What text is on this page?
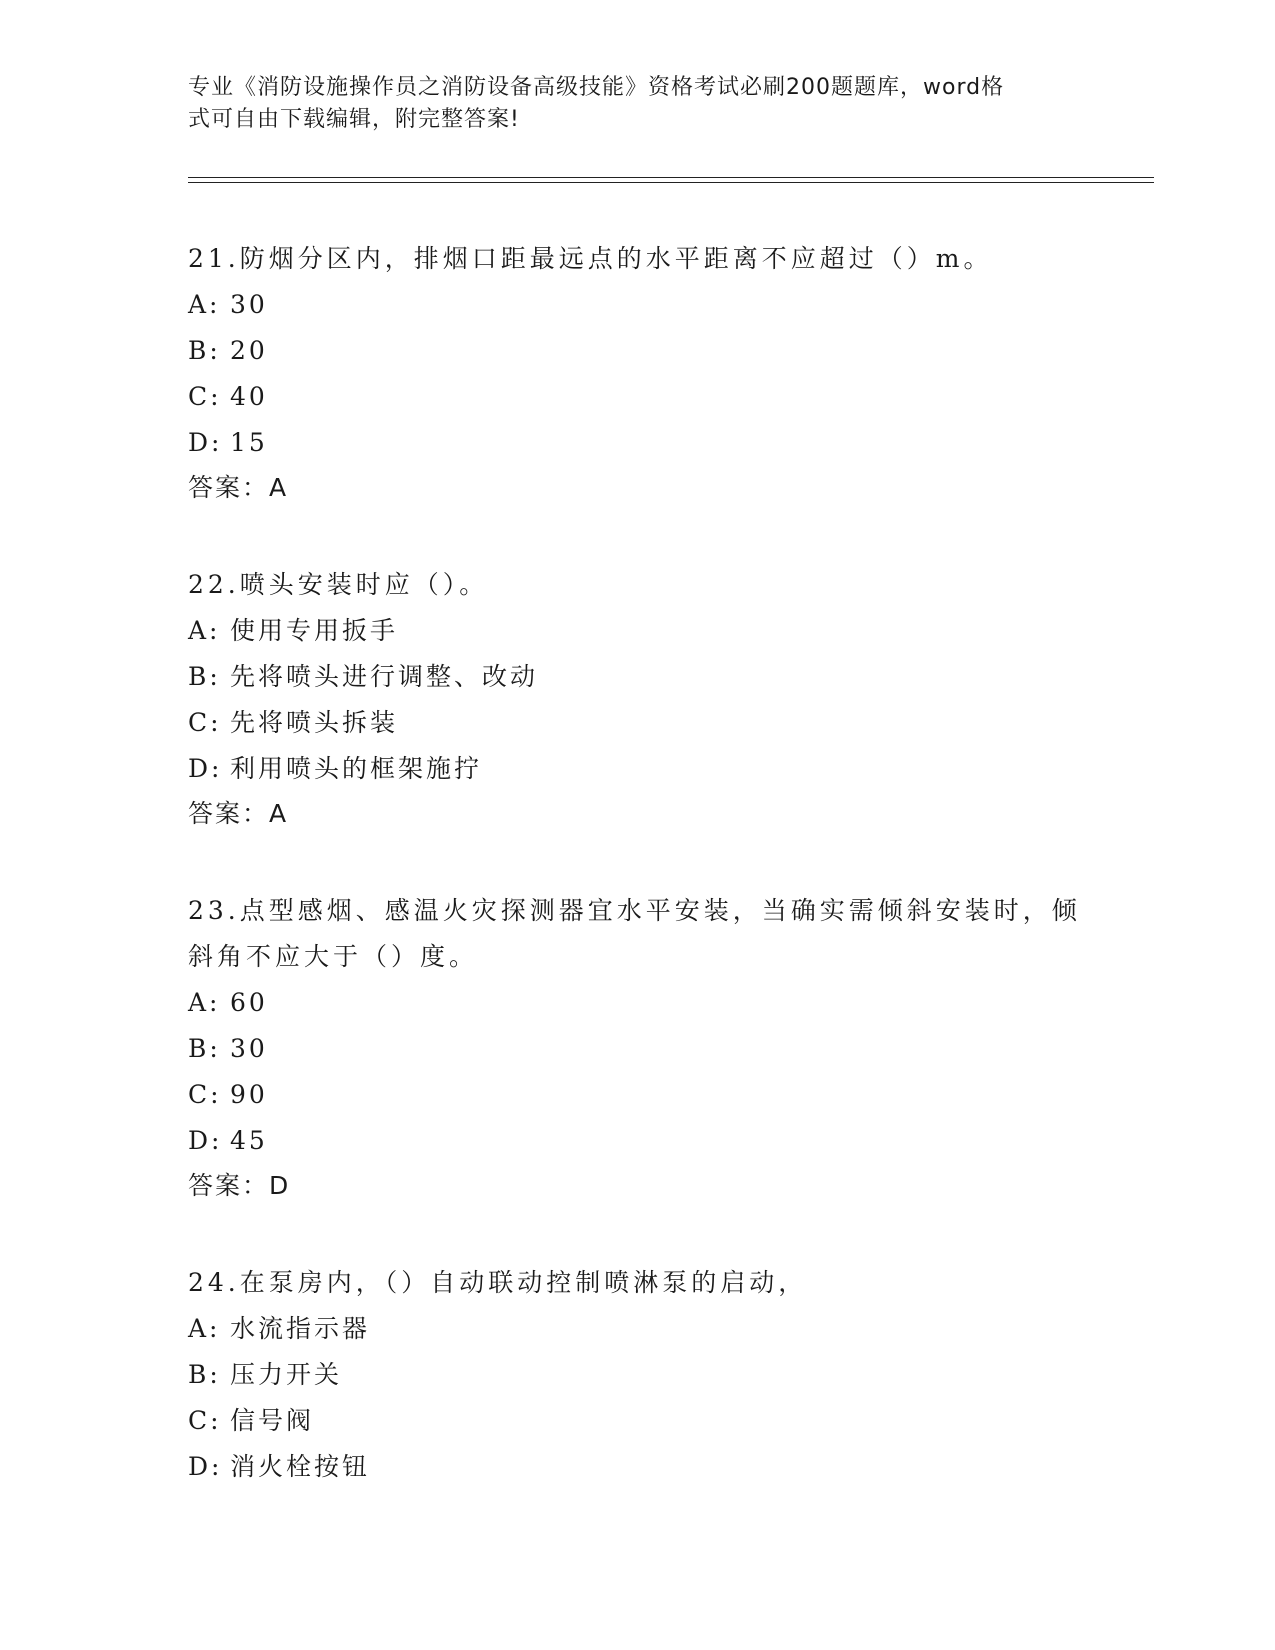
专业《消防设施操作员之消防设备高级技能》资格考试必刷200题题库，word格
式可自由下载编辑，附完整答案!
21.防烟分区内，排烟口距最远点的水平距离不应超过（）m。
A: 30
B: 20
C: 40
D: 15
答案：A
22.喷头安装时应（）。
A: 使用专用扳手
B: 先将喷头进行调整、改动
C: 先将喷头拆装
D: 利用喷头的框架施拧
答案：A
23.点型感烟、感温火灾探测器宜水平安装，当确实需倾斜安装时，倾斜角不应大于（）度。
A: 60
B: 30
C: 90
D: 45
答案：D
24.在泵房内，（）自动联动控制喷淋泵的启动，
A: 水流指示器
B: 压力开关
C: 信号阀
D: 消火栓按钮
